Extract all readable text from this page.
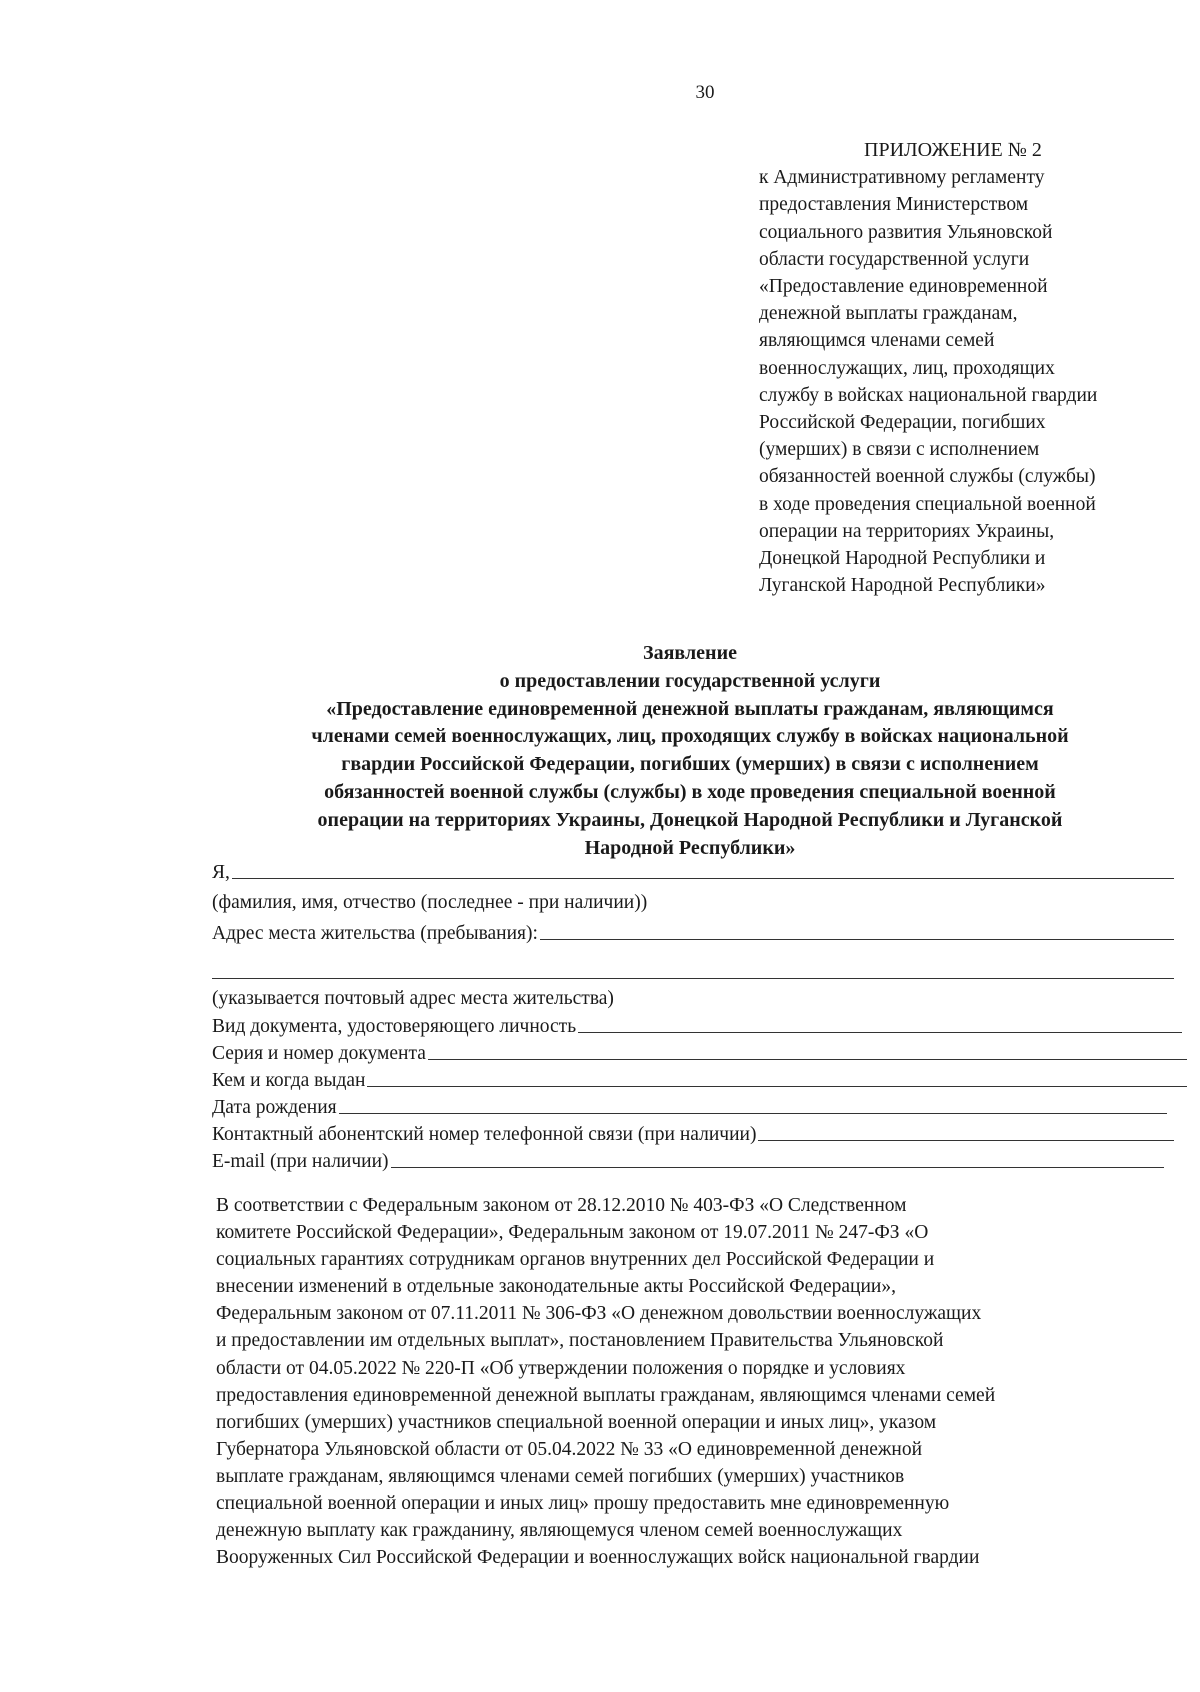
30
ПРИЛОЖЕНИЕ № 2
к Административному регламенту
предоставления Министерством
социального развития Ульяновской
области государственной услуги
«Предоставление единовременной
денежной выплаты гражданам,
являющимся членами семей
военнослужащих, лиц, проходящих
службу в войсках национальной гвардии
Российской Федерации, погибших
(умерших) в связи с исполнением
обязанностей военной службы (службы)
в ходе проведения специальной военной
операции на территориях Украины,
Донецкой Народной Республики и
Луганской Народной Республики»
Заявление
о предоставлении государственной услуги
«Предоставление единовременной денежной выплаты гражданам, являющимся
членами семей военнослужащих, лиц, проходящих службу в войсках национальной
гвардии Российской Федерации, погибших (умерших) в связи с исполнением
обязанностей военной службы (службы) в ходе проведения специальной военной
операции на территориях Украины, Донецкой Народной Республики и Луганской
Народной Республики»
Я,
(фамилия, имя, отчество (последнее - при наличии))
Адрес места жительства (пребывания):
(указывается почтовый адрес места жительства)
Вид документа, удостоверяющего личность
Серия и номер документа
Кем и когда выдан
Дата рождения
Контактный абонентский номер телефонной связи (при наличии)
E-mail (при наличии)
В соответствии с Федеральным законом от 28.12.2010 № 403-ФЗ «О Следственном
комитете Российской Федерации», Федеральным законом от 19.07.2011 № 247-ФЗ «О
социальных гарантиях сотрудникам органов внутренних дел Российской Федерации и
внесении изменений в отдельные законодательные акты Российской Федерации»,
Федеральным законом от 07.11.2011 № 306-ФЗ «О денежном довольствии военнослужащих
и предоставлении им отдельных выплат», постановлением Правительства Ульяновской
области от 04.05.2022 № 220-П «Об утверждении положения о порядке и условиях
предоставления единовременной денежной выплаты гражданам, являющимся членами семей
погибших (умерших) участников специальной военной операции и иных лиц», указом
Губернатора Ульяновской области от 05.04.2022 № 33 «О единовременной денежной
выплате гражданам, являющимся членами семей погибших (умерших) участников
специальной военной операции и иных лиц» прошу предоставить мне единовременную
денежную выплату как гражданину, являющемуся членом семей военнослужащих
Вооруженных Сил Российской Федерации и военнослужащих войск национальной гвардии
